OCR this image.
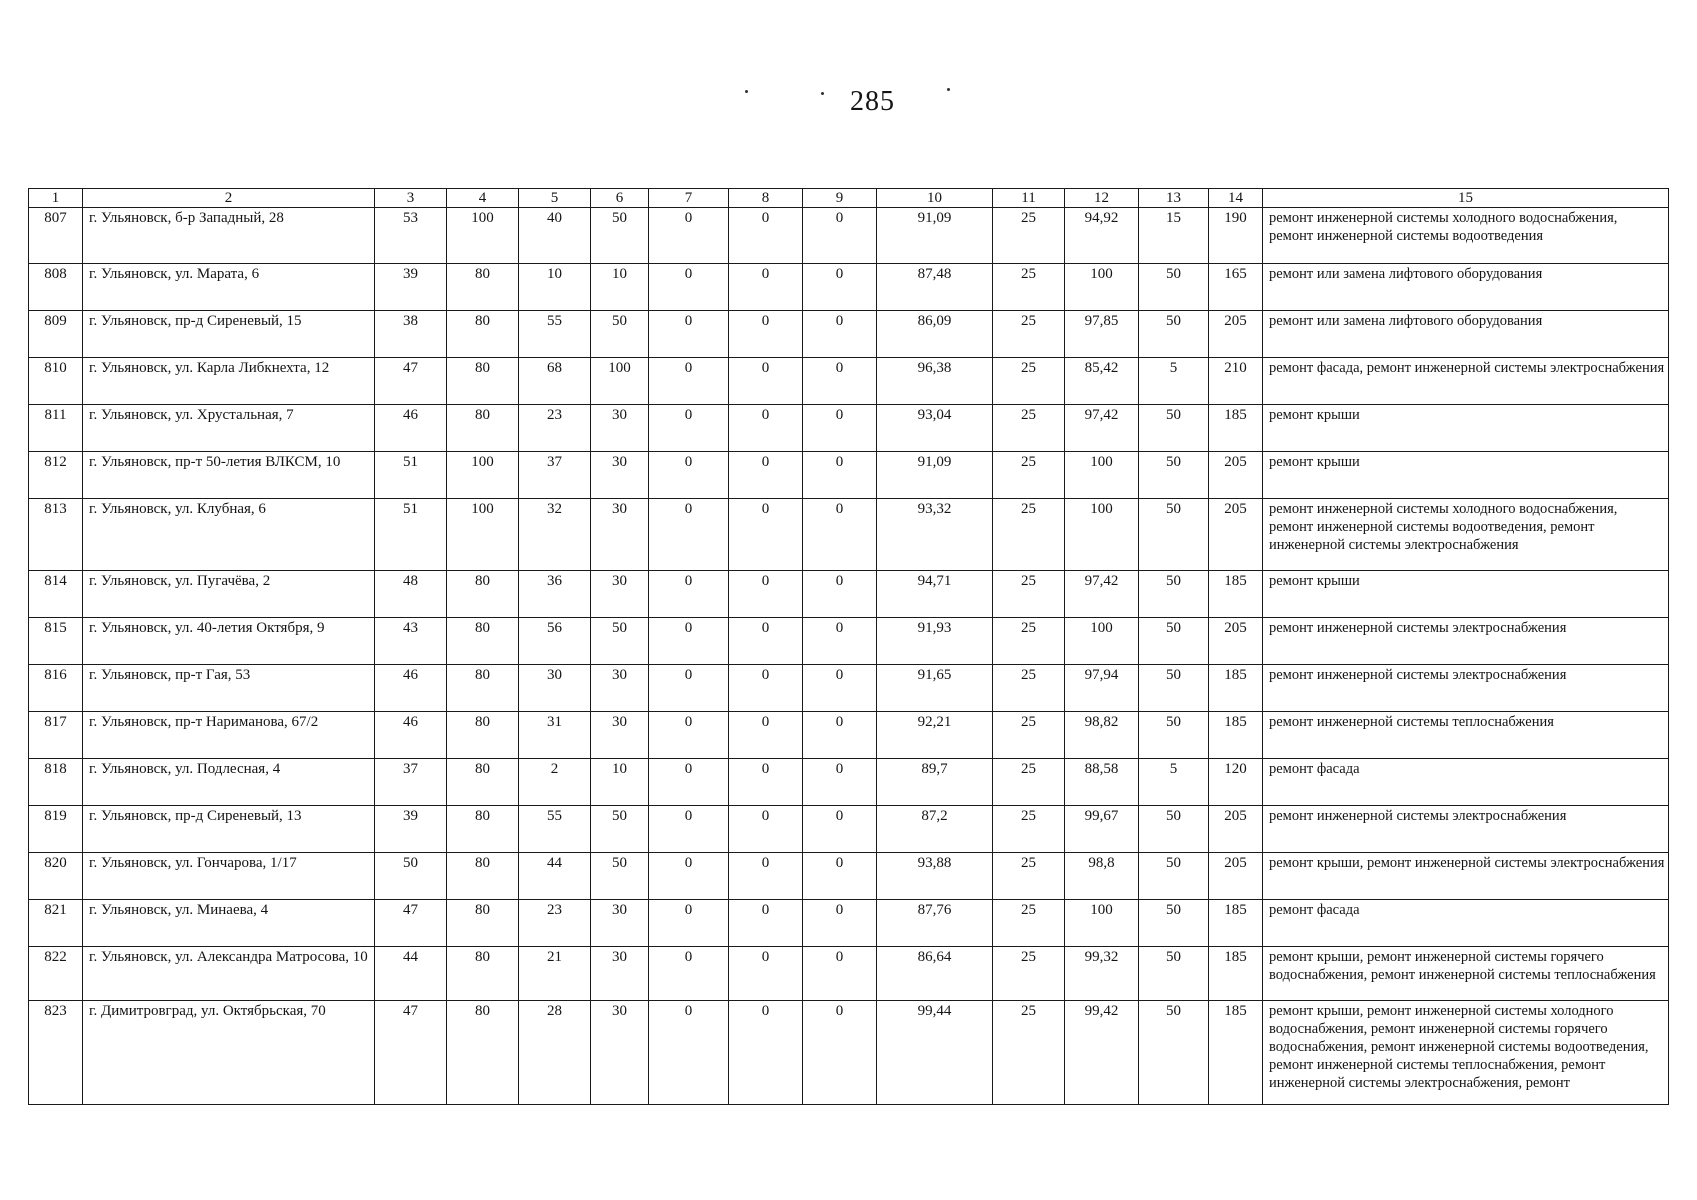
285
1	2	3	4	5	6	7	8	9	10	11	12	13	14	15
807	г. Ульяновск, б-р Западный, 28	53	100	40	50	0	0	0	91,09	25	94,92	15	190	ремонт инженерной системы холодного водоснабжения, ремонт инженерной системы водоотведения
808	г. Ульяновск, ул. Марата, 6	39	80	10	10	0	0	0	87,48	25	100	50	165	ремонт или замена лифтового оборудования
809	г. Ульяновск, пр-д Сиреневый, 15	38	80	55	50	0	0	0	86,09	25	97,85	50	205	ремонт или замена лифтового оборудования
810	г. Ульяновск, ул. Карла Либкнехта, 12	47	80	68	100	0	0	0	96,38	25	85,42	5	210	ремонт фасада, ремонт инженерной системы электроснабжения
811	г. Ульяновск, ул. Хрустальная, 7	46	80	23	30	0	0	0	93,04	25	97,42	50	185	ремонт крыши
812	г. Ульяновск, пр-т 50-летия ВЛКСМ, 10	51	100	37	30	0	0	0	91,09	25	100	50	205	ремонт крыши
813	г. Ульяновск, ул. Клубная, 6	51	100	32	30	0	0	0	93,32	25	100	50	205	ремонт инженерной системы холодного водоснабжения, ремонт инженерной системы водоотведения, ремонт инженерной системы электроснабжения
814	г. Ульяновск, ул. Пугачёва, 2	48	80	36	30	0	0	0	94,71	25	97,42	50	185	ремонт крыши
815	г. Ульяновск, ул. 40-летия Октября, 9	43	80	56	50	0	0	0	91,93	25	100	50	205	ремонт инженерной системы электроснабжения
816	г. Ульяновск, пр-т Гая, 53	46	80	30	30	0	0	0	91,65	25	97,94	50	185	ремонт инженерной системы электроснабжения
817	г. Ульяновск, пр-т Нариманова, 67/2	46	80	31	30	0	0	0	92,21	25	98,82	50	185	ремонт инженерной системы теплоснабжения
818	г. Ульяновск, ул. Подлесная, 4	37	80	2	10	0	0	0	89,7	25	88,58	5	120	ремонт фасада
819	г. Ульяновск, пр-д Сиреневый, 13	39	80	55	50	0	0	0	87,2	25	99,67	50	205	ремонт инженерной системы электроснабжения
820	г. Ульяновск, ул. Гончарова, 1/17	50	80	44	50	0	0	0	93,88	25	98,8	50	205	ремонт крыши, ремонт инженерной системы электроснабжения
821	г. Ульяновск, ул. Минаева, 4	47	80	23	30	0	0	0	87,76	25	100	50	185	ремонт фасада
822	г. Ульяновск, ул. Александра Матросова, 10	44	80	21	30	0	0	0	86,64	25	99,32	50	185	ремонт крыши, ремонт инженерной системы горячего водоснабжения, ремонт инженерной системы теплоснабжения
823	г. Димитровград, ул. Октябрьская, 70	47	80	28	30	0	0	0	99,44	25	99,42	50	185	ремонт крыши, ремонт инженерной системы холодного водоснабжения, ремонт инженерной системы горячего водоснабжения, ремонт инженерной системы водоотведения, ремонт инженерной системы теплоснабжения, ремонт инженерной системы электроснабжения, ремонт
